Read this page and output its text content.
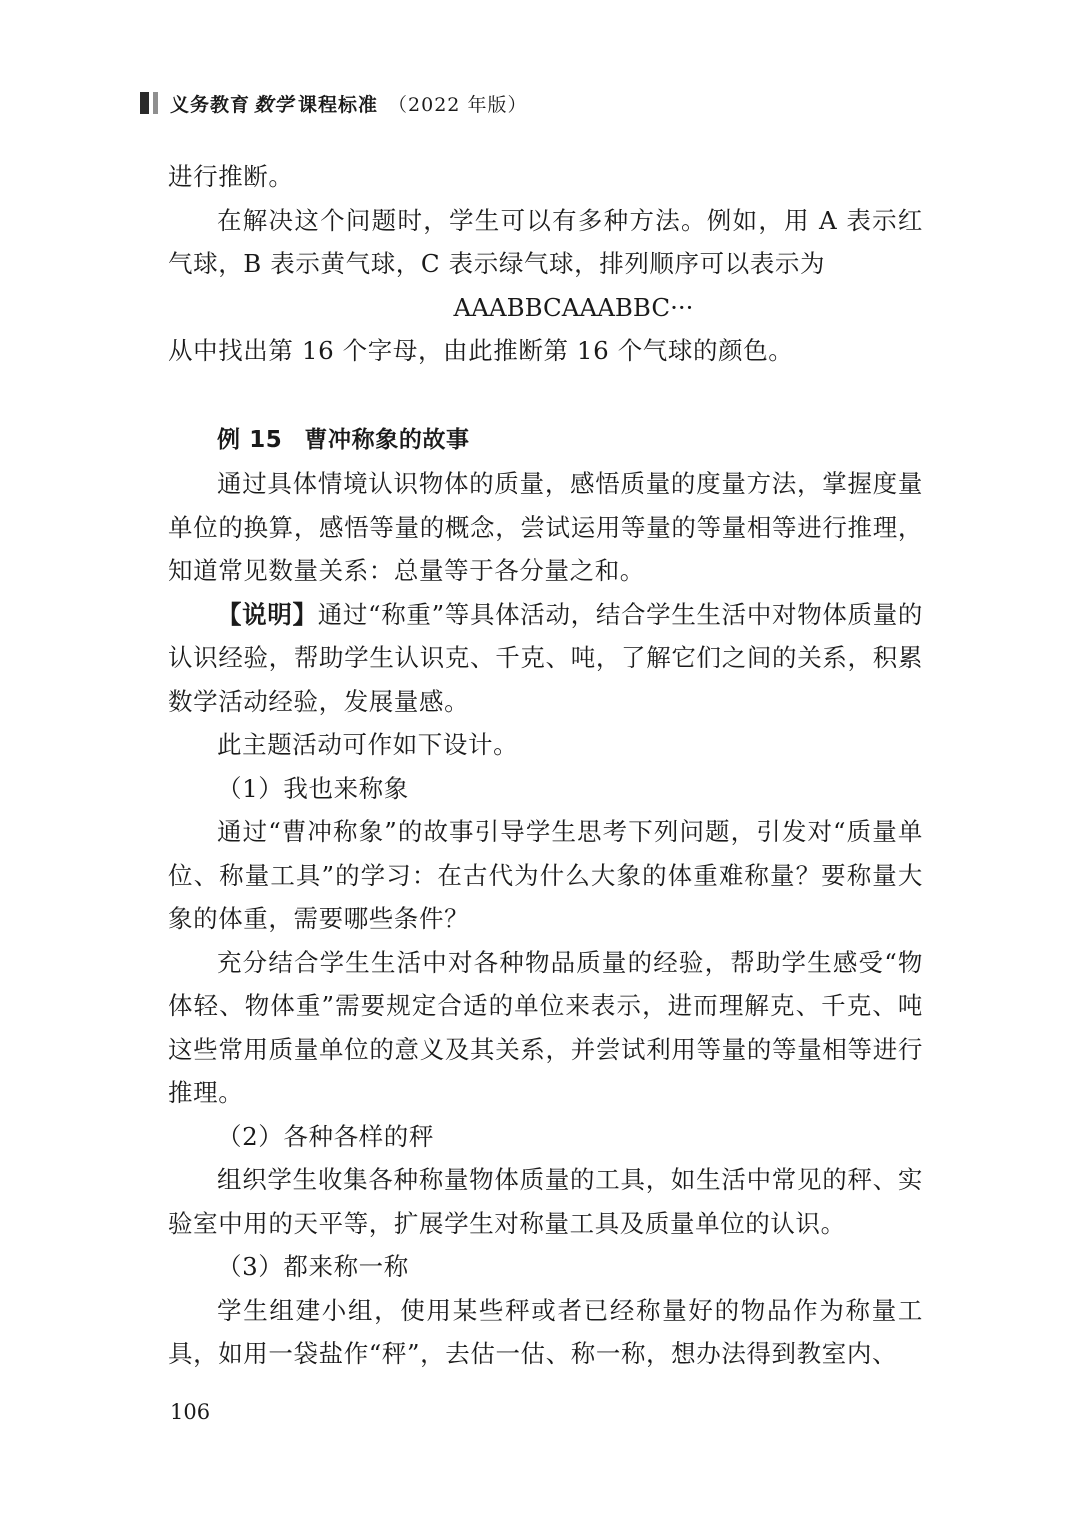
义务教育 数学 课程标准 （2022 年版）

进行推断。

在解决这个问题时，学生可以有多种方法。例如，用 A 表示红气球，B 表示黄气球，C 表示绿气球，排列顺序可以表示为

AAABBCAAABBC···

从中找出第 16 个字母，由此推断第 16 个气球的颜色。

例 15 曹冲称象的故事

通过具体情境认识物体的质量，感悟质量的度量方法，掌握度量单位的换算，感悟等量的概念，尝试运用等量的等量相等进行推理，知道常见数量关系：总量等于各分量之和。

【说明】通过“称重”等具体活动，结合学生生活中对物体质量的认识经验，帮助学生认识克、千克、吨，了解它们之间的关系，积累数学活动经验，发展量感。

此主题活动可作如下设计。

（1）我也来称象

通过“曹冲称象”的故事引导学生思考下列问题，引发对“质量单位、称量工具”的学习：在古代为什么大象的体重难称量？要称量大象的体重，需要哪些条件？

充分结合学生生活中对各种物品质量的经验，帮助学生感受“物体轻、物体重”需要规定合适的单位来表示，进而理解克、千克、吨这些常用质量单位的意义及其关系，并尝试利用等量的等量相等进行推理。

（2）各种各样的秤

组织学生收集各种称量物体质量的工具，如生活中常见的秤、实验室中用的天平等，扩展学生对称量工具及质量单位的认识。

（3）都来称一称

学生组建小组，使用某些秤或者已经称量好的物品作为称量工具，如用一袋盐作“秤”，去估一估、称一称，想办法得到教室内、

106
